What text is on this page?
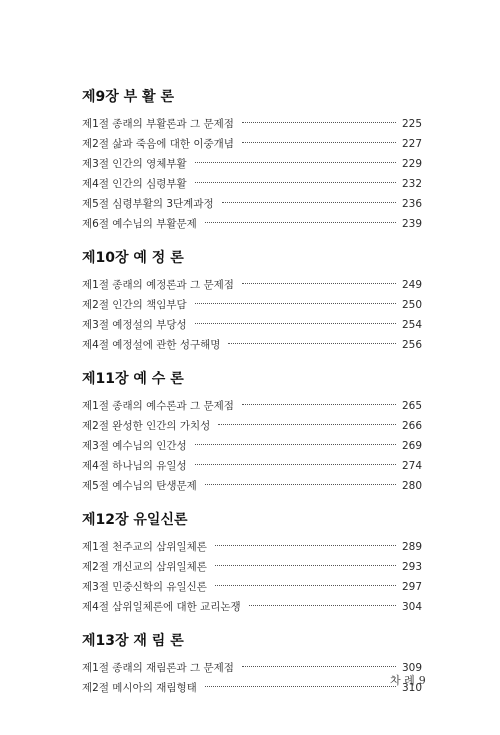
제9장 부 활 론
제1절 종래의 부활론과 그 문제점	225
제2절 삶과 죽음에 대한 이중개념	227
제3절 인간의 영체부활	229
제4절 인간의 심령부활	232
제5절 심령부활의 3단계과정	236
제6절 예수님의 부활문제	239
제10장 예 정 론
제1절 종래의 예정론과 그 문제점	249
제2절 인간의 책임부담	250
제3절 예정설의 부당성	254
제4절 예정설에 관한 성구해명	256
제11장 예 수 론
제1절 종래의 예수론과 그 문제점	265
제2절 완성한 인간의 가치성	266
제3절 예수님의 인간성	269
제4절 하나님의 유일성	274
제5절 예수님의 탄생문제	280
제12장 유일신론
제1절 천주교의 삼위일체론	289
제2절 개신교의 삼위일체론	293
제3절 민중신학의 유일신론	297
제4절 삼위일체론에 대한 교리논쟁	304
제13장 재 림 론
제1절 종래의 재림론과 그 문제점	309
제2절 메시아의 재림형태	310
차 례 9
